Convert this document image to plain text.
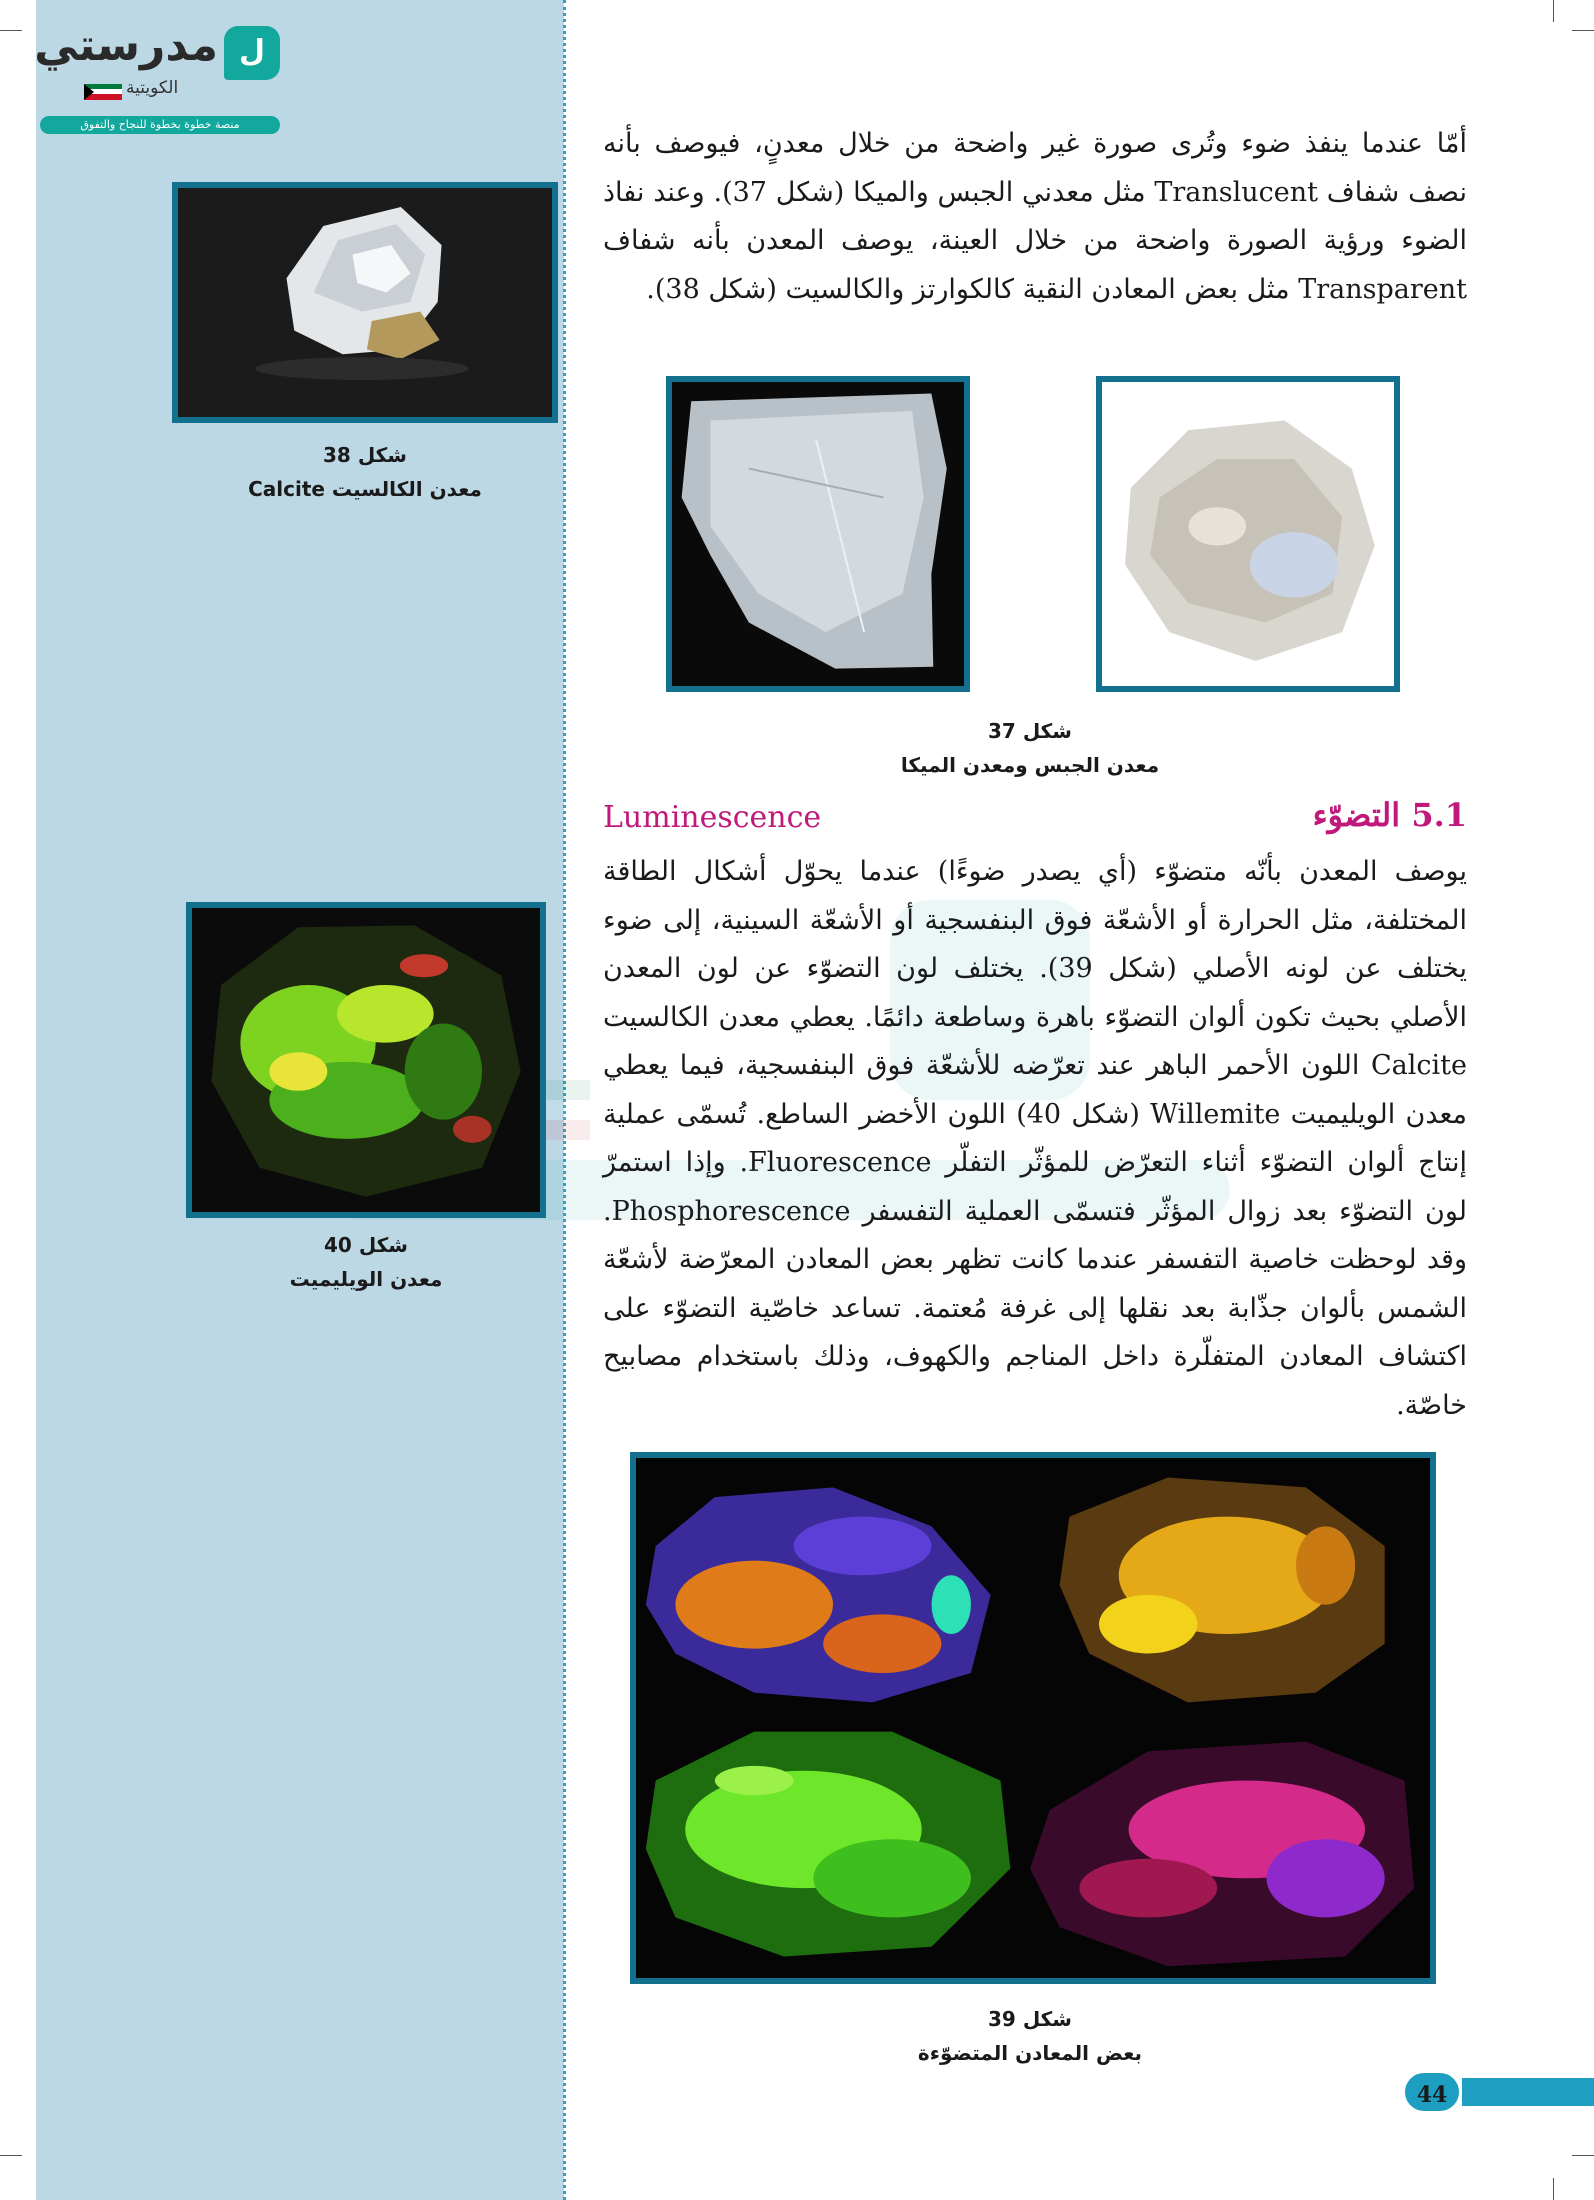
مدرستي ل
الكويتية
منصة خطوة بخطوة للنجاح والتفوق
أمّا عندما ينفذ ضوء وتُرى صورة غير واضحة من خلال معدنٍ، فيوصف بأنه نصف شفاف Translucent مثل معدني الجبس والميكا (شكل 37). وعند نفاذ الضوء ورؤية الصورة واضحة من خلال العينة، يوصف المعدن بأنه شفاف Transparent مثل بعض المعادن النقية كالكوارتز والكالسيت (شكل 38).
شكل 38
معدن الكالسيت Calcite
شكل 37
معدن الجبس ومعدن الميكا
5.1 التضوّء
Luminescence
يوصف المعدن بأنّه متضوّء (أي يصدر ضوءًا) عندما يحوّل أشكال الطاقة المختلفة، مثل الحرارة أو الأشعّة فوق البنفسجية أو الأشعّة السينية، إلى ضوء يختلف عن لونه الأصلي (شكل 39). يختلف لون التضوّء عن لون المعدن الأصلي بحيث تكون ألوان التضوّء باهرة وساطعة دائمًا. يعطي معدن الكالسيت Calcite اللون الأحمر الباهر عند تعرّضه للأشعّة فوق البنفسجية، فيما يعطي معدن الويليميت Willemite (شكل 40) اللون الأخضر الساطع. تُسمّى عملية إنتاج ألوان التضوّء أثناء التعرّض للمؤثّر التفلّر Fluorescence. وإذا استمرّ لون التضوّء بعد زوال المؤثّر فتسمّى العملية التفسفر Phosphorescence. وقد لوحظت خاصية التفسفر عندما كانت تظهر بعض المعادن المعرّضة لأشعّة الشمس بألوان جذّابة بعد نقلها إلى غرفة مُعتمة. تساعد خاصّية التضوّء على اكتشاف المعادن المتفلّرة داخل المناجم والكهوف، وذلك باستخدام مصابيح خاصّة.
شكل 40
معدن الويليميت
شكل 39
بعض المعادن المتضوّءة
44
